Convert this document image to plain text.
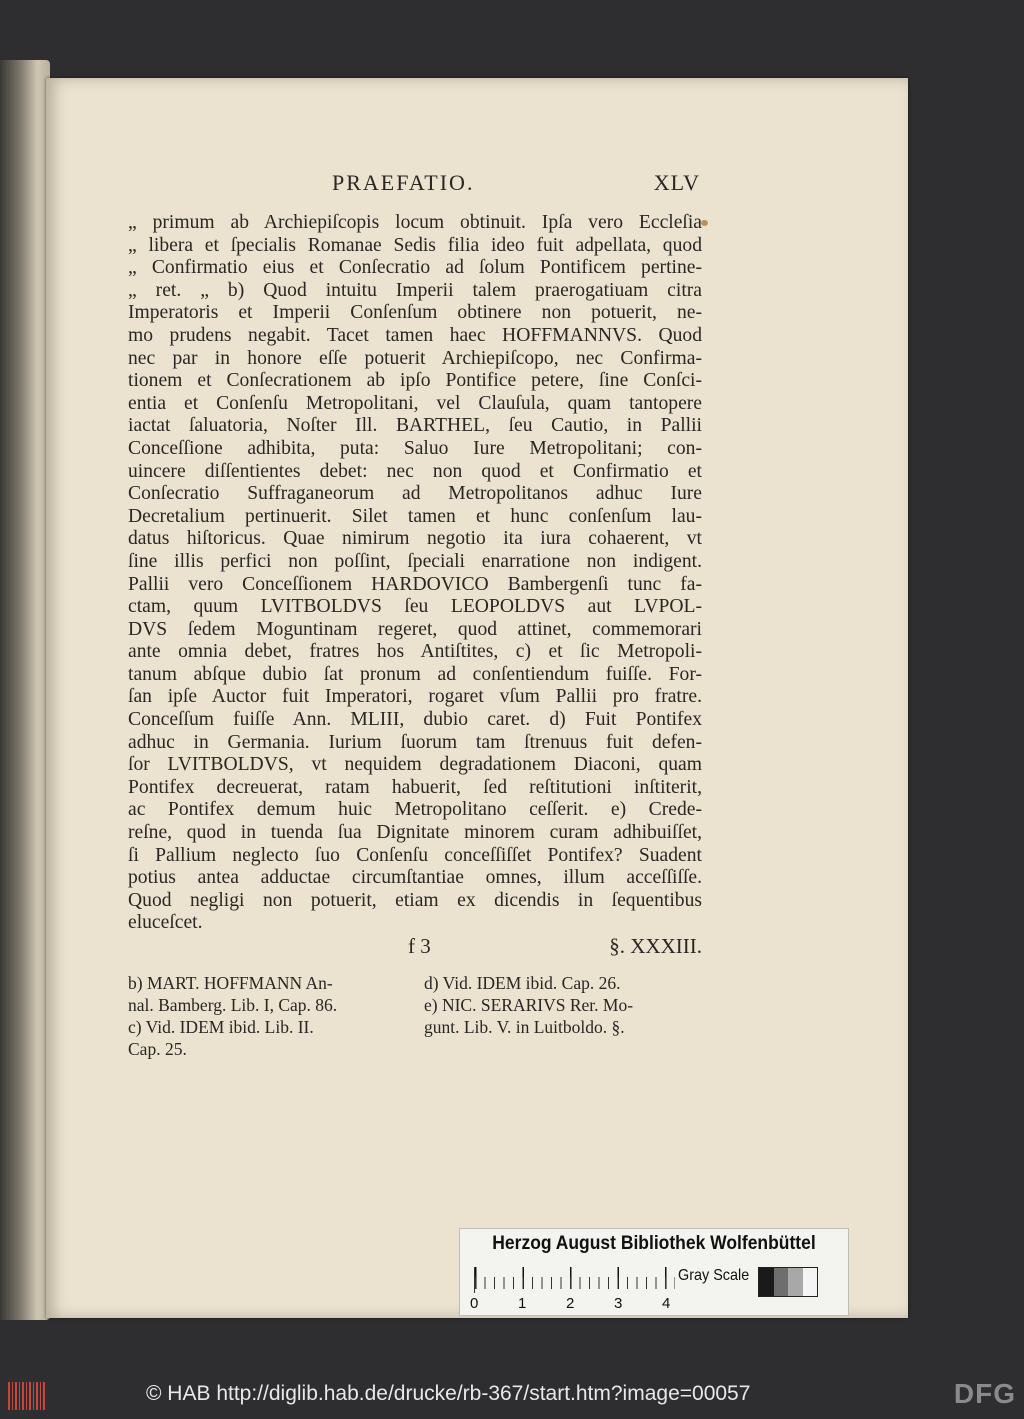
PRAEFATIO.	XLV
„ primum ab Archiepiſcopis locum obtinuit. Ipſa vero Eccleſia
„ libera et ſpecialis Romanae Sedis filia ideo fuit adpellata, quod
„ Confirmatio eius et Conſecratio ad ſolum Pontificem pertine-
„ ret. „ b) Quod intuitu Imperii talem praerogatiuam citra
Imperatoris et Imperii Conſenſum obtinere non potuerit, ne-
mo prudens negabit. Tacet tamen haec HOFFMANNVS. Quod
nec par in honore eſſe potuerit Archiepiſcopo, nec Confirma-
tionem et Conſecrationem ab ipſo Pontifice petere, ſine Conſci-
entia et Conſenſu Metropolitani, vel Clauſula, quam tantopere
iactat ſaluatoria, Noſter Ill. BARTHEL, ſeu Cautio, in Pallii
Conceſſione adhibita, puta: Saluo Iure Metropolitani; con-
uincere diſſentientes debet: nec non quod et Confirmatio et
Conſecratio Suffraganeorum ad Metropolitanos adhuc Iure
Decretalium pertinuerit. Silet tamen et hunc conſenſum lau-
datus hiſtoricus. Quae nimirum negotio ita iura cohaerent, vt
ſine illis perfici non poſſint, ſpeciali enarratione non indigent.
Pallii vero Conceſſionem HARDOVICO Bambergenſi tunc fa-
ctam, quum LVITBOLDVS ſeu LEOPOLDVS aut LVPOL-
DVS ſedem Moguntinam regeret, quod attinet, commemorari
ante omnia debet, fratres hos Antiſtites, c) et ſic Metropoli-
tanum abſque dubio ſat pronum ad conſentiendum fuiſſe. For-
ſan ipſe Auctor fuit Imperatori, rogaret vſum Pallii pro fratre.
Conceſſum fuiſſe Ann. MLIII, dubio caret. d) Fuit Pontifex
adhuc in Germania. Iurium ſuorum tam ſtrenuus fuit defen-
ſor LVITBOLDVS, vt nequidem degradationem Diaconi, quam
Pontifex decreuerat, ratam habuerit, ſed reſtitutioni inſtiterit,
ac Pontifex demum huic Metropolitano ceſſerit. e) Crede-
reſne, quod in tuenda ſua Dignitate minorem curam adhibuiſſet,
ſi Pallium neglecto ſuo Conſenſu conceſſiſſet Pontifex? Suadent
potius antea adductae circumſtantiae omnes, illum acceſſiſſe.
Quod negligi non potuerit, etiam ex dicendis in ſequentibus
eluceſcet.
f 3	§. XXXIII.
b) MART. HOFFMANN An-
nal. Bamberg. Lib. I, Cap. 86.
c) Vid. IDEM ibid. Lib. II.
Cap. 25.
d) Vid. IDEM ibid. Cap. 26.
e) NIC. SERARIVS Rer. Mo-
gunt. Lib. V. in Luitboldo. §.
Herzog August Bibliothek Wolfenbüttel
0	1	2	3	4
Gray Scale
© HAB http://diglib.hab.de/drucke/rb-367/start.htm?image=00057	DFG
